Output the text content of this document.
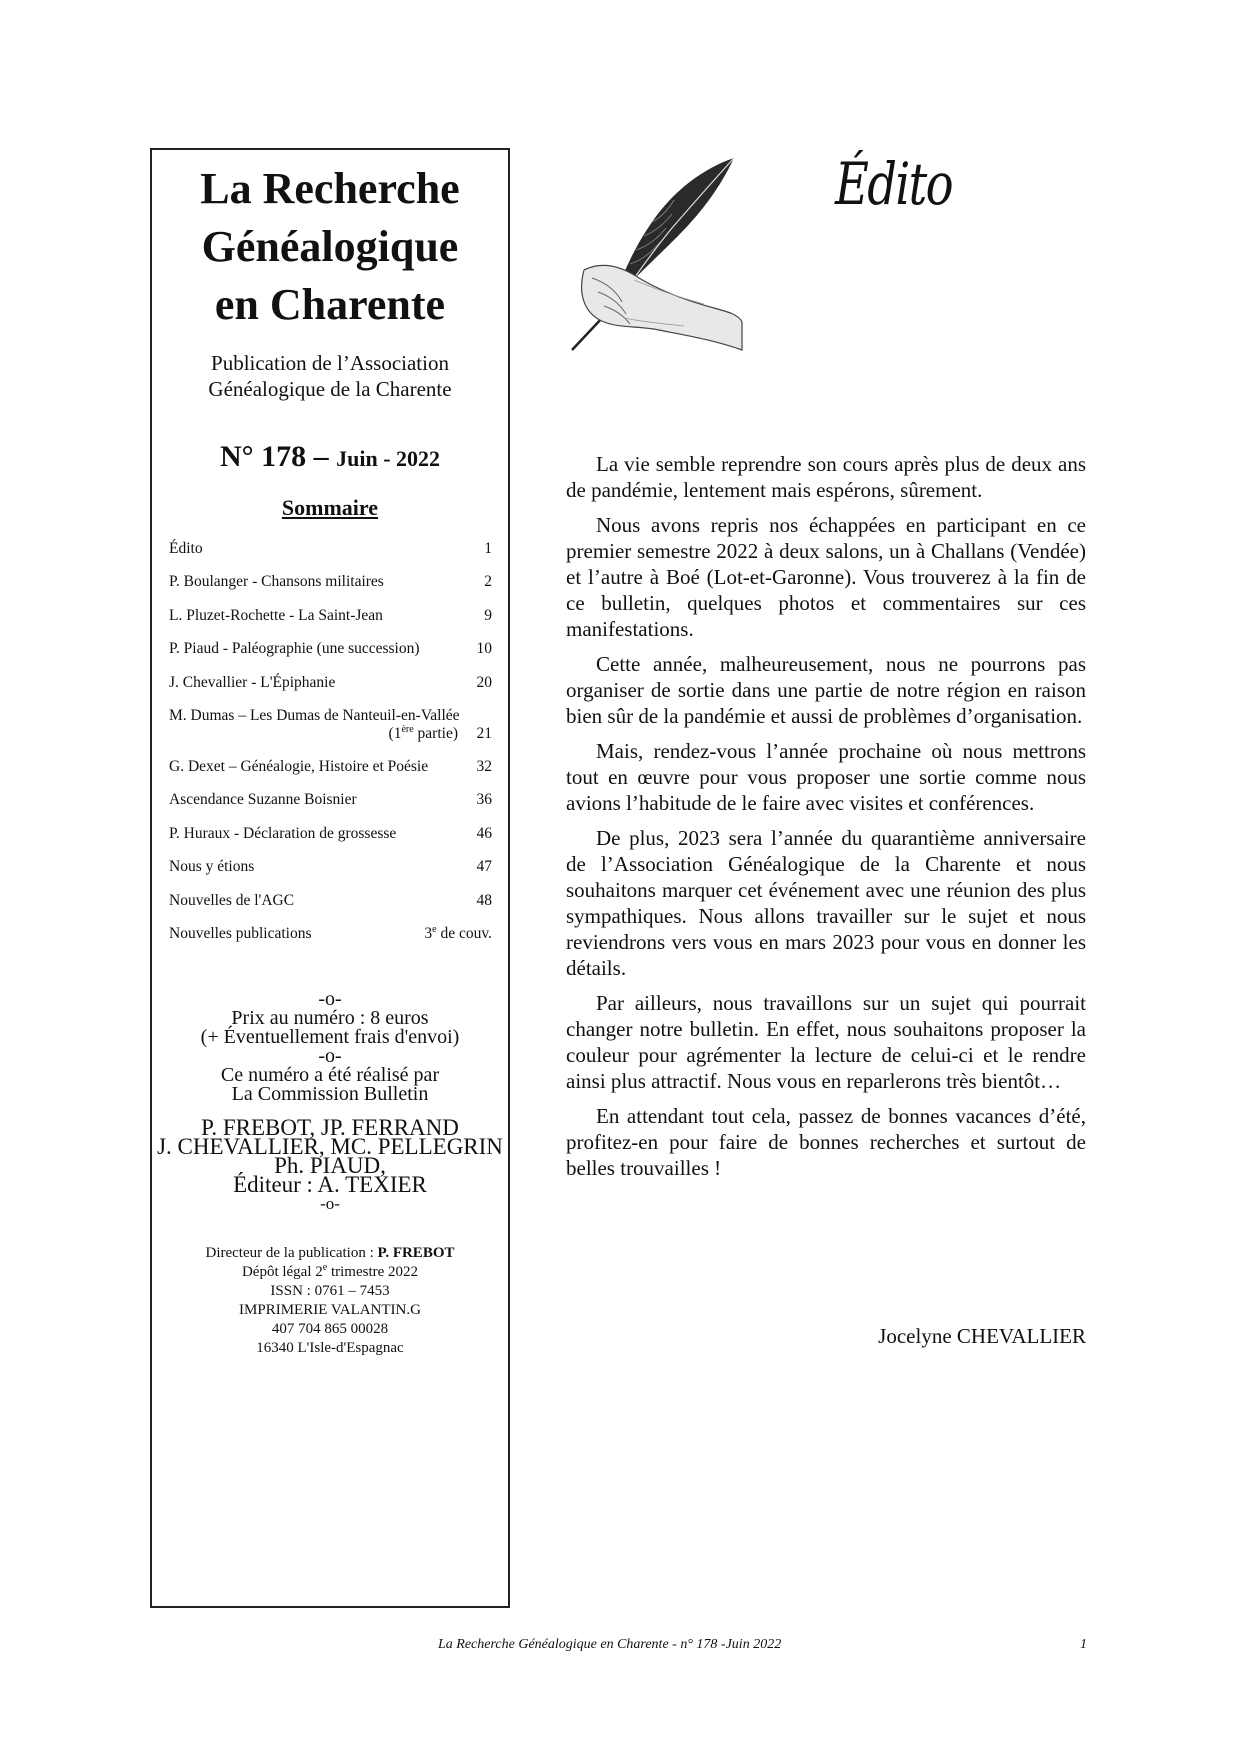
La Recherche
Généalogique
en Charente
Publication de l’Association
Généalogique de la Charente
N° 178 – Juin - 2022
Sommaire
Édito	1
P. Boulanger - Chansons militaires	2
L. Pluzet-Rochette - La Saint-Jean	9
P. Piaud - Paléographie (une succession)	10
J. Chevallier - L'Épiphanie	20
M. Dumas – Les Dumas de Nanteuil-en-Vallée
(1ère partie) 21
G. Dexet – Généalogie, Histoire et Poésie	32
Ascendance Suzanne Boisnier	36
P. Huraux - Déclaration de grossesse	46
Nous y étions	47
Nouvelles de l'AGC	48
Nouvelles publications	3e de couv.
-o-
Prix au numéro : 8 euros
(+ Éventuellement frais d'envoi)
-o-
Ce numéro a été réalisé par
La Commission Bulletin
P. FREBOT, JP. FERRAND
J. CHEVALLIER, MC. PELLEGRIN
Ph. PIAUD,
Éditeur : A. TEXIER
-o-
Directeur de la publication : P. FREBOT
Dépôt légal 2e trimestre 2022
ISSN : 0761 – 7453
IMPRIMERIE VALANTIN.G
407 704 865 00028
16340 L'Isle-d'Espagnac
Édito

La vie semble reprendre son cours après plus de deux ans de pandémie, lentement mais espérons, sûrement.

Nous avons repris nos échappées en participant en ce premier semestre 2022 à deux salons, un à Challans (Vendée) et l’autre à Boé (Lot-et-Garonne). Vous trouverez à la fin de ce bulletin, quelques photos et commentaires sur ces manifestations.

Cette année, malheureusement, nous ne pourrons pas organiser de sortie dans une partie de notre région en raison bien sûr de la pandémie et aussi de problèmes d’organisation.

Mais, rendez-vous l’année prochaine où nous mettrons tout en œuvre pour vous proposer une sortie comme nous avions l’habitude de le faire avec visites et conférences.

De plus, 2023 sera l’année du quarantième anniversaire de l’Association Généalogique de la Charente et nous souhaitons marquer cet événement avec une réunion des plus sympathiques. Nous allons travailler sur le sujet et nous reviendrons vers vous en mars 2023 pour vous en donner les détails.

Par ailleurs, nous travaillons sur un sujet qui pourrait changer notre bulletin. En effet, nous souhaitons proposer la couleur pour agrémenter la lecture de celui-ci et le rendre ainsi plus attractif. Nous vous en reparlerons très bientôt…

En attendant tout cela, passez de bonnes vacances d’été, profitez-en pour faire de bonnes recherches et surtout de belles trouvailles !

Jocelyne CHEVALLIER
La Recherche Généalogique en Charente - n° 178 -Juin 2022	1
